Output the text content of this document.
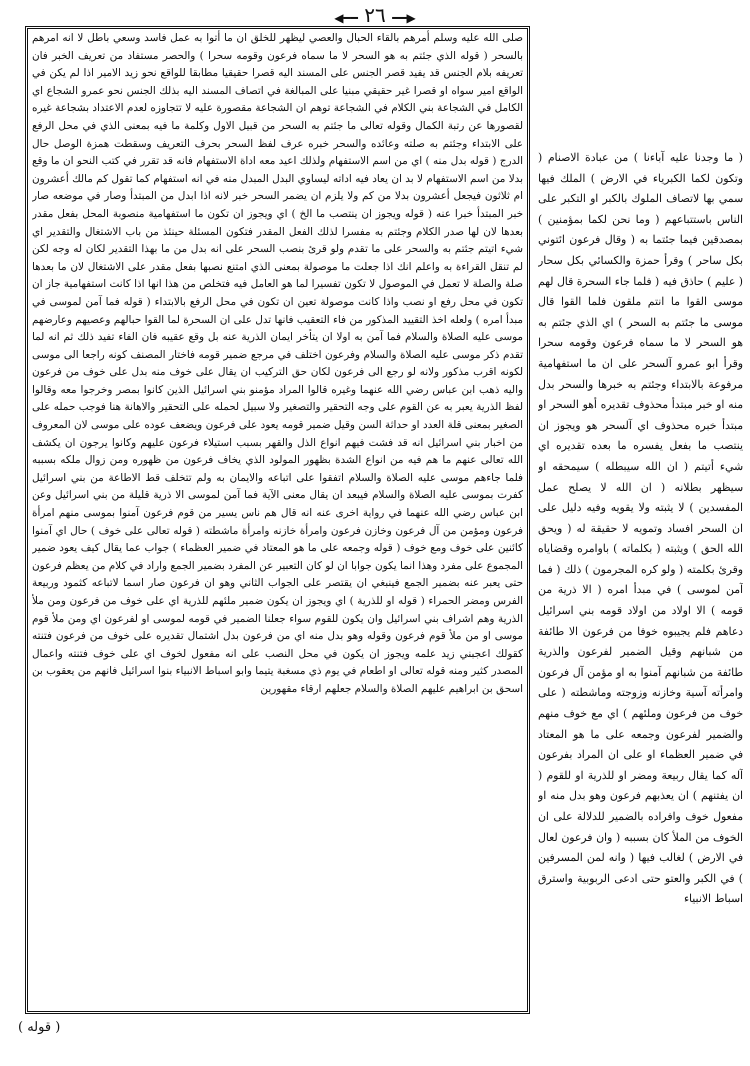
◀━━ ٢٦ ━━▶
صلى الله عليه وسلم أمرهم بالقاء الحبال والعصي ليظهر للخلق ان ما أتوا به عمل فاسد وسعي باطل لا انه امرهم بالسحر ( قوله الذي جئتم به هو السحر لا ما سماه فرعون وقومه سحرا ) والحصر مستفاد من تعريف الخبر فان تعريفه بلام الجنس قد يفيد قصر الجنس على المسند اليه قصرا حقيقيا مطابقا للواقع نحو زيد الامير اذا لم يكن في الواقع امير سواه او قصرا غير حقيقي مبنيا على المبالغة في اتصاف المسند اليه بذلك الجنس نحو عمرو الشجاع اي الكامل في الشجاعة بني الكلام في الشجاعة توهم ان الشجاعة مقصورة عليه لا تتجاوزه لعدم الاعتداد بشجاعة غيره لقصورها عن رتبة الكمال وقوله تعالى ما جئتم به السحر من قبيل الاول وكلمة ما فيه بمعنى الذي في محل الرفع على الابتداء وجئتم به صلته وعائده والسحر خبره عرف لفظ السحر بحرف التعريف وسقطت همزة الوصل حال الدرج ( قوله بدل منه ) اي من اسم الاستفهام ولذلك اعيد معه اداة الاستفهام فانه قد تقرر في كتب النحو ان ما وقع بدلا من اسم الاستفهام لا بد ان يعاد فيه اداته ليساوي البدل المبدل منه في انه استفهام كما تقول كم مالك أعشرون ام ثلاثون فيجعل أعشرون بدلا من كم ولا يلزم ان يضمر السحر خبر لانه اذا ابدل من المبتدأ وصار في موضعه صار خبر المبتدأ خبرا عنه ( قوله ويجوز ان ينتصب ما الخ ) اي ويجوز ان تكون ما استفهامية منصوبة المحل بفعل مقدر بعدها لان لها صدر الكلام وجئتم به مفسرا لذلك الفعل المقدر فتكون المسئلة حينئذ من باب الاشتغال والتقدير اي شيء اتيتم جئتم به والسحر على ما تقدم ولو قرئ بنصب السحر على انه بدل من ما بهذا التقدير لكان له وجه لكن لم تنقل القراءة به واعلم انك اذا جعلت ما موصولة بمعنى الذي امتنع نصبها بفعل مقدر على الاشتغال لان ما بعدها صلة والصلة لا تعمل في الموصول لا تكون تفسيرا لما هو العامل فيه فتخلص من هذا انها اذا كانت استفهامية جاز ان تكون في محل رفع او نصب واذا كانت موصولة تعين ان تكون في محل الرفع بالابتداء ( قوله فما آمن لموسى في مبدأ امره ) ولعله اخذ التقييد المذكور من فاء التعقيب فانها تدل على ان السحرة لما القوا حبالهم وعصيهم وعارضهم موسى عليه الصلاة والسلام فما آمن به اولا ان يتأخر ايمان الذرية عنه بل وقع عقيبه فان الفاء تفيد ذلك ثم انه لما تقدم ذكر موسى عليه الصلاة والسلام وفرعون اختلف في مرجع ضمير قومه فاختار المصنف كونه راجعا الى موسى لكونه اقرب مذكور ولانه لو رجع الى فرعون لكان حق التركيب ان يقال على خوف منه بدل على خوف من فرعون واليه ذهب ابن عباس رضي الله عنهما وغيره قالوا المراد مؤمنو بني اسرائيل الذين كانوا بمصر وخرجوا معه وقالوا لفظ الذرية يعبر به عن القوم على وجه التحقير والتصغير ولا سبيل لحمله على التحقير والاهانة هنا فوجب حمله على الصغير بمعنى قلة العدد او حداثة السن وقيل ضمير قومه يعود على فرعون ويضعف عوده على موسى لان المعروف من اخبار بني اسرائيل انه قد فشت فيهم انواع الذل والقهر بسبب استيلاء فرعون عليهم وكانوا يرجون ان يكشف الله تعالى عنهم ما هم فيه من انواع الشدة بظهور المولود الذي يخاف فرعون من ظهوره ومن زوال ملكه بسببه فلما جاءهم موسى عليه الصلاة والسلام اتفقوا على اتباعه والايمان به ولم تتخلف قط الاطاعة من بني اسرائيل كفرت بموسى عليه الصلاة والسلام فيبعد ان يقال معنى الآية فما آمن لموسى الا ذرية قليلة من بني اسرائيل وعن ابن عباس رضي الله عنهما في رواية اخرى عنه انه قال هم ناس يسير من قوم فرعون آمنوا بموسى منهم امرأة فرعون ومؤمن من آل فرعون وخازن فرعون وامرأة خازنه وامرأة ماشطته ( قوله تعالى على خوف ) حال اي آمنوا كائنين على خوف ومع خوف ( قوله وجمعه على ما هو المعتاد في ضمير العظماء ) جواب عما يقال كيف يعود ضمير المجموع على مفرد وهذا انما يكون جوابا ان لو كان التعبير عن المفرد بضمير الجمع واراد في كلام من يعظم فرعون حتى يعبر عنه بضمير الجمع فينبغي ان يقتصر على الجواب الثاني وهو ان فرعون صار اسما لاتباعه كثمود وربيعة الفرس ومضر الحمراء ( قوله او للذرية ) اي ويجوز ان يكون ضمير ملئهم للذرية اي على خوف من فرعون ومن ملأ الذرية وهم اشراف بني اسرائيل وان يكون للقوم سواء جعلنا الضمير في قومه لموسى او لفرعون اي ومن ملأ قوم موسى او من ملأ قوم فرعون وقوله وهو بدل منه اي من فرعون بدل اشتمال تقديره على خوف من فرعون فتنته كقولك اعجبني زيد علمه ويجوز ان يكون في محل النصب على انه مفعول لخوف اي على خوف فتنته واعمال المصدر كثير ومنه قوله تعالى او اطعام في يوم ذي مسغبة يتيما وابو اسباط الانبياء بنوا اسرائيل فانهم من يعقوب بن اسحق بن ابراهيم عليهم الصلاة والسلام جعلهم ارقاء مقهورين
( ما وجدنا عليه آباءنا ) من عبادة الاصنام ( وتكون لكما الكبرياء في الارض ) الملك فيها سمي بها لاتصاف الملوك بالكبر او التكبر على الناس باستتباعهم ( وما نحن لكما بمؤمنين ) بمصدقين فيما جئتما به ( وقال فرعون ائتوني بكل ساحر ) وقرأ حمزة والكسائي بكل سحار ( عليم ) حاذق فيه ( فلما جاء السحرة قال لهم موسى القوا ما انتم ملقون فلما القوا قال موسى ما جئتم به السحر ) اي الذي جئتم به هو السحر لا ما سماه فرعون وقومه سحرا وقرأ ابو عمرو آلسحر على ان ما استفهامية مرفوعة بالابتداء وجئتم به خبرها والسحر بدل منه او خبر مبتدأ محذوف تقديره أهو السحر او مبتدأ خبره محذوف اي آلسحر هو ويجوز ان ينتصب ما بفعل يفسره ما بعده تقديره اي شيء أتيتم ( ان الله سيبطله ) سيمحقه او سيظهر بطلانه ( ان الله لا يصلح عمل المفسدين ) لا يثبته ولا يقويه وفيه دليل على ان السحر افساد وتمويه لا حقيقة له ( ويحق الله الحق ) ويثبته ( بكلماته ) باوامره وقضاياه وقرئ بكلمته ( ولو كره المجرمون ) ذلك ( فما آمن لموسى ) في مبدأ امره ( الا ذرية من قومه ) الا اولاد من اولاد قومه بني اسرائيل دعاهم فلم يجيبوه خوفا من فرعون الا طائفة من شبانهم وقيل الضمير لفرعون والذرية طائفة من شبانهم آمنوا به او مؤمن آل فرعون وامرأته آسية وخازنه وزوجته وماشطته ( على خوف من فرعون وملئهم ) اي مع خوف منهم والضمير لفرعون وجمعه على ما هو المعتاد في ضمير العظماء او على ان المراد بفرعون آله كما يقال ربيعة ومضر او للذرية او للقوم ( ان يفتنهم ) ان يعذبهم فرعون وهو بدل منه او مفعول خوف وافراده بالضمير للدلالة على ان الخوف من الملأ كان بسببه ( وان فرعون لعال في الارض ) لغالب فيها ( وانه لمن المسرفين ) في الكبر والعتو حتى ادعى الربوبية واسترق اسباط الانبياء
( قوله )
